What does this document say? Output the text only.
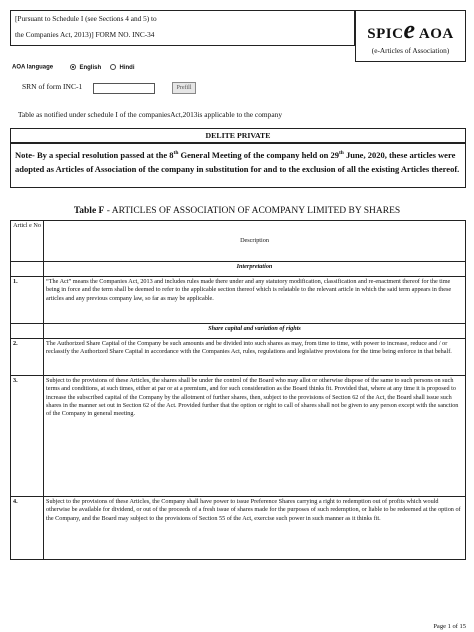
[Pursuant to Schedule I (see Sections 4 and 5) to
the Companies Act, 2013)] FORM NO. INC-34	SPICe AOA
(e-Articles of Association)
AOA language	English	Hindi
SRN of form INC-1	Prefill
Table as notified under schedule I of the companiesAct,2013is applicable to the company
DELITE PRIVATE
Note- By a special resolution passed at the 8th General Meeting of the company held on 29th June, 2020, these articles were adopted as Articles of Association of the company in substitution for and to the exclusion of all the existing Articles thereof.
Table F - ARTICLES OF ASSOCIATION OF ACOMPANY LIMITED BY SHARES
Articl e No	Description
	Interpretation
1.	“The Act” means the Companies Act, 2013 and includes rules made there under and any statutory modification, classification and re-enactment thereof for the time being in force and the term shall be deemed to refer to the applicable section thereof which is relatable to the relevant article in which the said term appears in these articles and any previous company law, so far as may be applicable.
	Share capital and variation of rights
2.	The Authorized Share Capital of the Company be such amounts and be divided into such shares as may, from time to time, with power to increase, reduce and / or reclassify the Authorized Share Capital in accordance with the Companies Act, rules, regulations and legislative provisions for the time being enforce in that behalf.
3.	Subject to the provisions of these Articles, the shares shall be under the control of the Board who may allot or otherwise dispose of the same to such persons on such terms and conditions, at such times, either at par or at a premium, and for such consideration as the Board thinks fit. Provided that, where at any time it is proposed to increase the subscribed capital of the Company by the allotment of further shares, then, subject to the provisions of Section 62 of the Act, the Board shall issue such shares in the manner set out in Section 62 of the Act. Provided further that the option or right to call of shares shall not be given to any person except with the sanction of the Company in general meeting.
4.	Subject to the provisions of these Articles, the Company shall have power to issue Preference Shares carrying a right to redemption out of profits which would otherwise be available for dividend, or out of the proceeds of a fresh issue of shares made for the purposes of such redemption, or liable to be redeemed at the option of the Company, and the Board may subject to the provisions of Section 55 of the Act, exercise such power in such manner as it thinks fit.
Page 1 of 15
